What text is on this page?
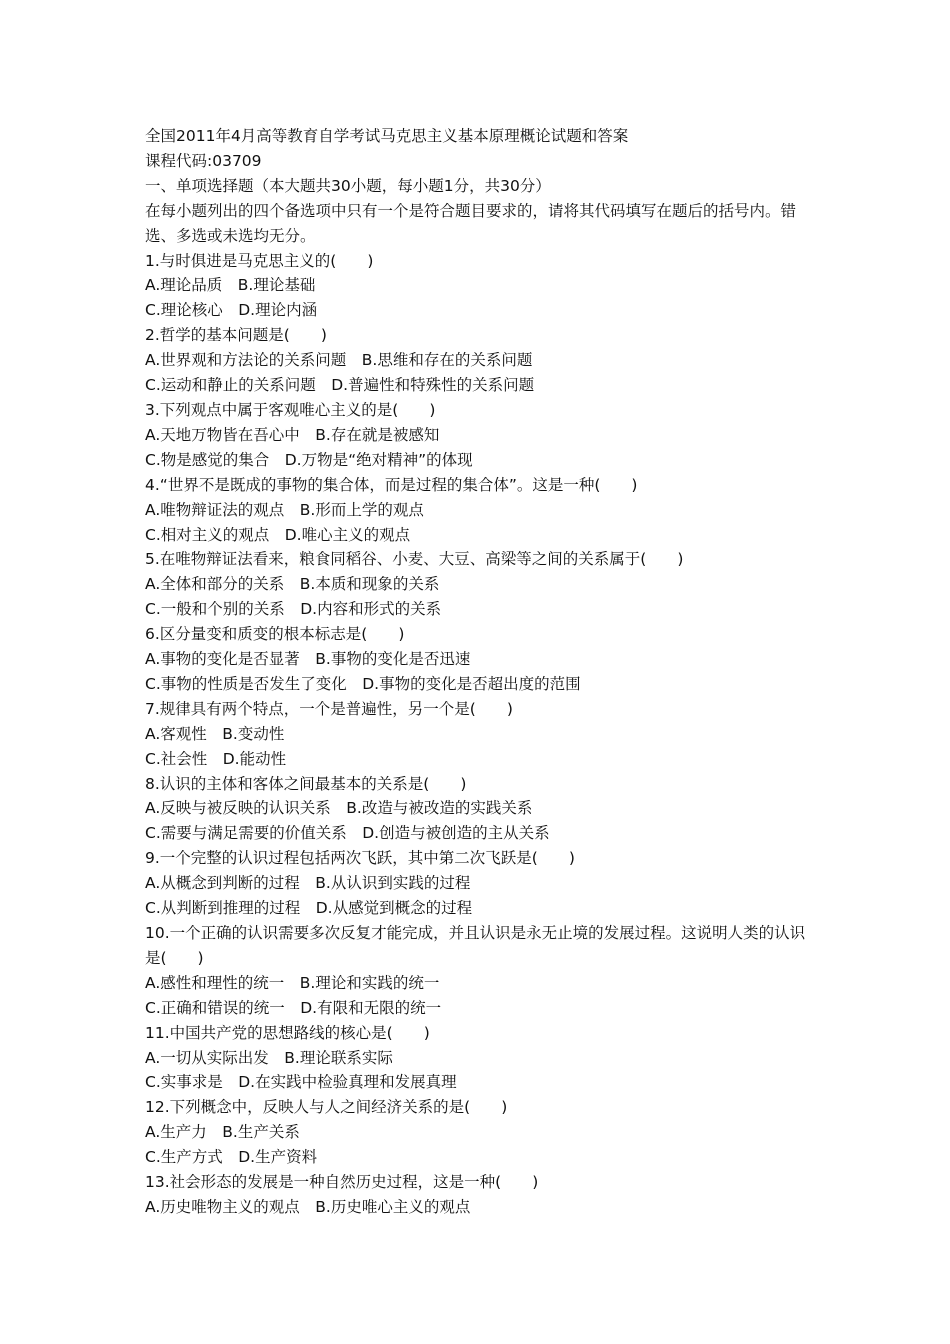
全国2011年4月高等教育自学考试马克思主义基本原理概论试题和答案

课程代码:03709

一、单项选择题（本大题共30小题，每小题1分，共30分）

在每小题列出的四个备选项中只有一个是符合题目要求的，请将其代码填写在题后的括号内。错选、多选或未选均无分。

1.与时俱进是马克思主义的(　　)

A.理论品质　B.理论基础

C.理论核心　D.理论内涵

2.哲学的基本问题是(　　)

A.世界观和方法论的关系问题　B.思维和存在的关系问题

C.运动和静止的关系问题　D.普遍性和特殊性的关系问题

3.下列观点中属于客观唯心主义的是(　　)

A.天地万物皆在吾心中　B.存在就是被感知

C.物是感觉的集合　D.万物是“绝对精神”的体现

4.“世界不是既成的事物的集合体，而是过程的集合体”。这是一种(　　)

A.唯物辩证法的观点　B.形而上学的观点

C.相对主义的观点　D.唯心主义的观点

5.在唯物辩证法看来，粮食同稻谷、小麦、大豆、高梁等之间的关系属于(　　)

A.全体和部分的关系　B.本质和现象的关系

C.一般和个别的关系　D.内容和形式的关系

6.区分量变和质变的根本标志是(　　)

A.事物的变化是否显著　B.事物的变化是否迅速

C.事物的性质是否发生了变化　D.事物的变化是否超出度的范围

7.规律具有两个特点，一个是普遍性，另一个是(　　)

A.客观性　B.变动性

C.社会性　D.能动性

8.认识的主体和客体之间最基本的关系是(　　)

A.反映与被反映的认识关系　B.改造与被改造的实践关系

C.需要与满足需要的价值关系　D.创造与被创造的主从关系

9.一个完整的认识过程包括两次飞跃，其中第二次飞跃是(　　)

A.从概念到判断的过程　B.从认识到实践的过程

C.从判断到推理的过程　D.从感觉到概念的过程

10.一个正确的认识需要多次反复才能完成，并且认识是永无止境的发展过程。这说明人类的认识是(　　)

A.感性和理性的统一　B.理论和实践的统一

C.正确和错误的统一　D.有限和无限的统一

11.中国共产党的思想路线的核心是(　　)

A.一切从实际出发　B.理论联系实际

C.实事求是　D.在实践中检验真理和发展真理

12.下列概念中，反映人与人之间经济关系的是(　　)

A.生产力　B.生产关系

C.生产方式　D.生产资料

13.社会形态的发展是一种自然历史过程，这是一种(　　)

A.历史唯物主义的观点　B.历史唯心主义的观点
